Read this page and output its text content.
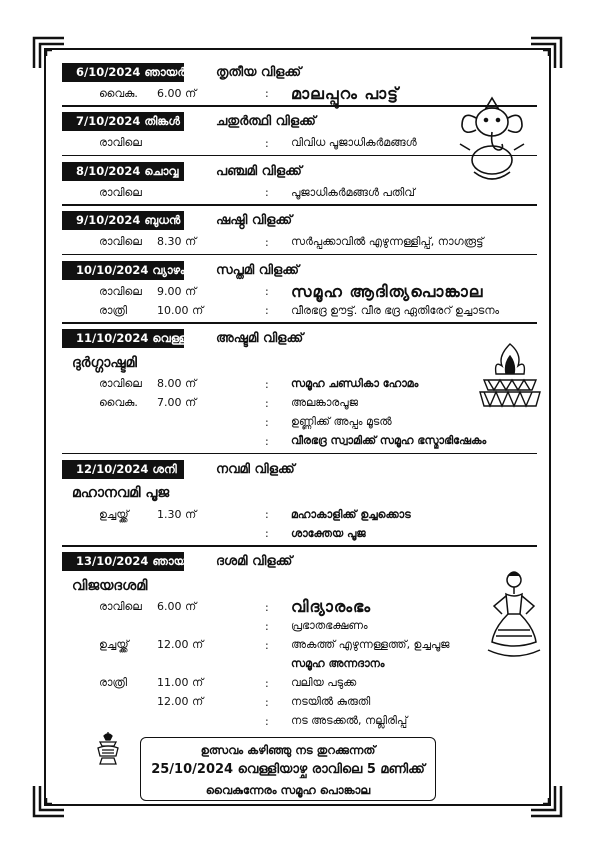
6/10/2024 ഞായർ തൃതീയ വിളക്ക്
വൈകു.	6.00 ന്	:	മാലപ്പുറം പാട്ട്
7/10/2024 തിങ്കൾ	ചതുർത്ഥി വിളക്ക്
രാവിലെ	:	വിവിധ പൂജാധികർമങ്ങൾ
8/10/2024 ചൊവ്വ	പഞ്ചമി വിളക്ക്
രാവിലെ	:	പൂജാധികർമങ്ങൾ പതിവ്
9/10/2024 ബുധൻ	ഷഷ്ഠി വിളക്ക്
രാവിലെ	8.30 ന്	:	സർപ്പക്കാവിൽ എഴുന്നള്ളിപ്പ്, നാഗരൂട്ട്
10/10/2024 വ്യാഴം സപ്തമി വിളക്ക്
രാവിലെ	9.00 ന്	:	സമൂഹ ആദിത്യപൊങ്കാല
രാത്രി	10.00 ന്	:	വീരഭദ്ര ഊട്ട്. വീര ഭദ്ര ഏതിരേറ് ഉച്ചാടനം
11/10/2024 വെള്ളി അഷ്ടമി വിളക്ക്
ദുർഗ്ഗാഷ്ടമി
രാവിലെ	8.00 ന്	:	സമൂഹ ചണ്ഡികാ ഹോമം
വൈകു.	7.00 ന്	:	അലങ്കാരപൂജ
:	ഉണ്ണിക്ക് അപ്പം മൂടൽ
:	വീരഭദ്ര സ്വാമിക്ക് സമൂഹ ഭസ്മാഭിഷേകം
12/10/2024 ശനി	നവമി വിളക്ക്
മഹാനവമി പൂജ
ഉച്ചയ്ക്ക്	1.30 ന്	:	മഹാകാളിക്ക് ഉച്ചക്കൊട
:	ശാക്തേയ പൂജ
13/10/2024 ഞായർ ദശമി വിളക്ക്
വിജയദശമി
രാവിലെ	6.00 ന്	:	വിദ്യാരംഭം
:	പ്രഭാതഭക്ഷണം
ഉച്ചയ്ക്ക്	12.00 ന്	:	അകത്ത് എഴുന്നള്ളത്ത്, ഉച്ചപൂജ
സമൂഹ അന്നദാനം
രാത്രി	11.00 ന്	:	വലിയ പടുക്ക
12.00 ന്	:	നടയിൽ കുരുതി
:	നട അടക്കൽ, നല്ലിരിപ്പ്
ഉത്സവം കഴിഞ്ഞു നട തുറക്കുന്നത്
25/10/2024 വെള്ളിയാഴ്ച രാവിലെ 5 മണിക്ക്
വൈകുന്നേരം സമൂഹ പൊങ്കാല
